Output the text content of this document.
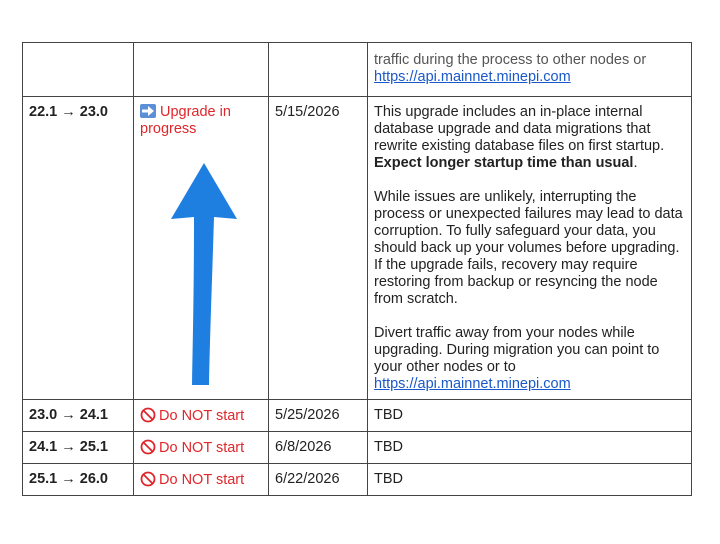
			traffic during the process to other nodes or
https://api.mainnet.minepi.com
22.1 → 23.0	Upgrade in progress	5/15/2026	This upgrade includes an in-place internal database upgrade and data migrations that rewrite existing database files on first startup. Expect longer startup time than usual.

While issues are unlikely, interrupting the process or unexpected failures may lead to data corruption. To fully safeguard your data, you should back up your volumes before upgrading. If the upgrade fails, recovery may require restoring from backup or resyncing the node from scratch.

Divert traffic away from your nodes while upgrading. During migration you can point to your other nodes or to
https://api.mainnet.minepi.com

23.0 → 24.1	Do NOT start	5/25/2026	TBD
24.1 → 25.1	Do NOT start	6/8/2026	TBD
25.1 → 26.0	Do NOT start	6/22/2026	TBD
